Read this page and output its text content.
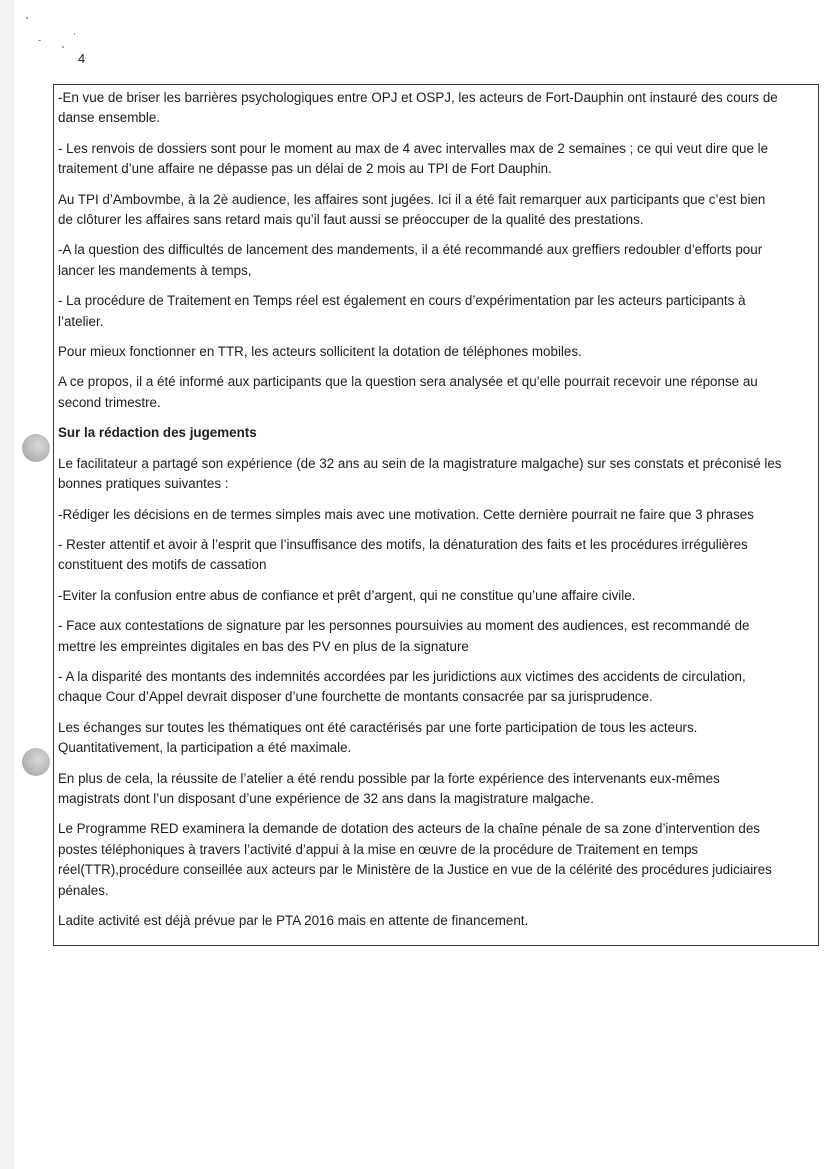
4

-En vue de briser les barrières psychologiques entre OPJ et OSPJ, les acteurs de Fort-Dauphin ont instauré des cours de
danse ensemble.

- Les renvois de dossiers sont pour le moment au max de 4 avec intervalles max de 2 semaines ; ce qui veut dire que le
traitement d’une affaire ne dépasse pas un délai de 2 mois au TPI de Fort Dauphin.

Au TPI d’Ambovmbe, à la 2è audience, les affaires sont jugées. Ici il a été fait remarquer aux participants que c’est bien
de clôturer les affaires sans retard mais qu’il faut aussi se préoccuper de la qualité des prestations.

-A la question des difficultés de lancement des mandements, il a été recommandé aux greffiers redoubler d’efforts pour
lancer les mandements à temps,

- La procédure de Traitement en Temps réel est également en cours d’expérimentation par les acteurs participants à
l’atelier.

Pour mieux fonctionner en TTR, les acteurs sollicitent la dotation de téléphones mobiles.

A ce propos, il a été informé aux participants que la question sera analysée et qu’elle pourrait recevoir une réponse au
second trimestre.

Sur la rédaction des jugements

Le facilitateur a partagé son expérience (de 32 ans au sein de la magistrature malgache) sur ses constats et préconisé les
bonnes pratiques suivantes :

-Rédiger les décisions en de termes simples mais avec une motivation. Cette dernière pourrait ne faire que 3 phrases

- Rester attentif et avoir à l’esprit que l’insuffisance des motifs, la dénaturation des faits et les procédures irrégulières
constituent des motifs de cassation

-Eviter la confusion entre abus de confiance et prêt d’argent, qui ne constitue qu’une affaire civile.

- Face aux contestations de signature par les personnes poursuivies au moment des audiences, est recommandé de
mettre les empreintes digitales en bas des PV en plus de la signature

- A la disparité des montants des indemnités accordées par les juridictions aux victimes des accidents de circulation,
chaque Cour d’Appel devrait disposer d’une fourchette de montants consacrée par sa jurisprudence.

Les échanges sur toutes les thématiques ont été caractérisés par une forte participation de tous les acteurs.
Quantitativement, la participation a été maximale.

En plus de cela, la réussite de l’atelier a été rendu possible par la forte expérience des intervenants eux-mêmes
magistrats dont l’un disposant d’une expérience de 32 ans dans la magistrature malgache.

Le Programme RED examinera la demande de dotation des acteurs de la chaîne pénale de sa zone d’intervention des
postes téléphoniques à travers l’activité d’appui à la mise en œuvre de la procédure de Traitement en temps
réel(TTR),procédure conseillée aux acteurs par le Ministère de la Justice en vue de la célérité des procédures judiciaires
pénales.

Ladite activité est déjà prévue par le PTA 2016 mais en attente de financement.
